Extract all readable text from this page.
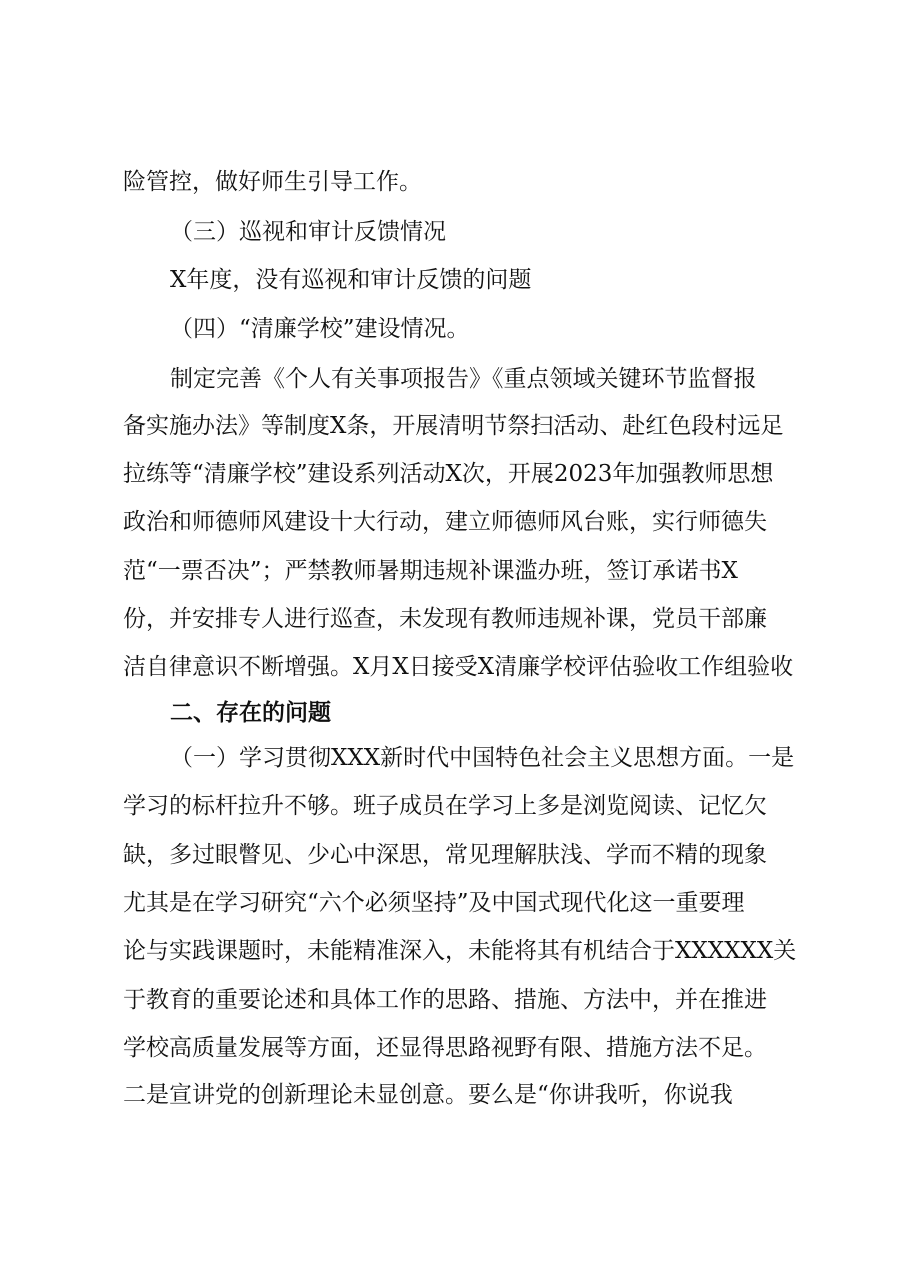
险管控，做好师生引导工作。
（三）巡视和审计反馈情况
X年度，没有巡视和审计反馈的问题
（四）“清廉学校”建设情况。
制定完善《个人有关事项报告》《重点领域关键环节监督报
备实施办法》等制度X条，开展清明节祭扫活动、赴红色段村远足
拉练等“清廉学校”建设系列活动X次，开展2023年加强教师思想
政治和师德师风建设十大行动，建立师德师风台账，实行师德失
范“一票否决”；严禁教师暑期违规补课滥办班，签订承诺书X
份，并安排专人进行巡查，未发现有教师违规补课，党员干部廉
洁自律意识不断增强。X月X日接受X清廉学校评估验收工作组验收
二、存在的问题
（一）学习贯彻XXX新时代中国特色社会主义思想方面。一是
学习的标杆拉升不够。班子成员在学习上多是浏览阅读、记忆欠
缺，多过眼瞥见、少心中深思，常见理解肤浅、学而不精的现象
尤其是在学习研究“六个必须坚持”及中国式现代化这一重要理
论与实践课题时，未能精准深入，未能将其有机结合于XXXXXX关
于教育的重要论述和具体工作的思路、措施、方法中，并在推进
学校高质量发展等方面，还显得思路视野有限、措施方法不足。
二是宣讲党的创新理论未显创意。要么是“你讲我听，你说我
